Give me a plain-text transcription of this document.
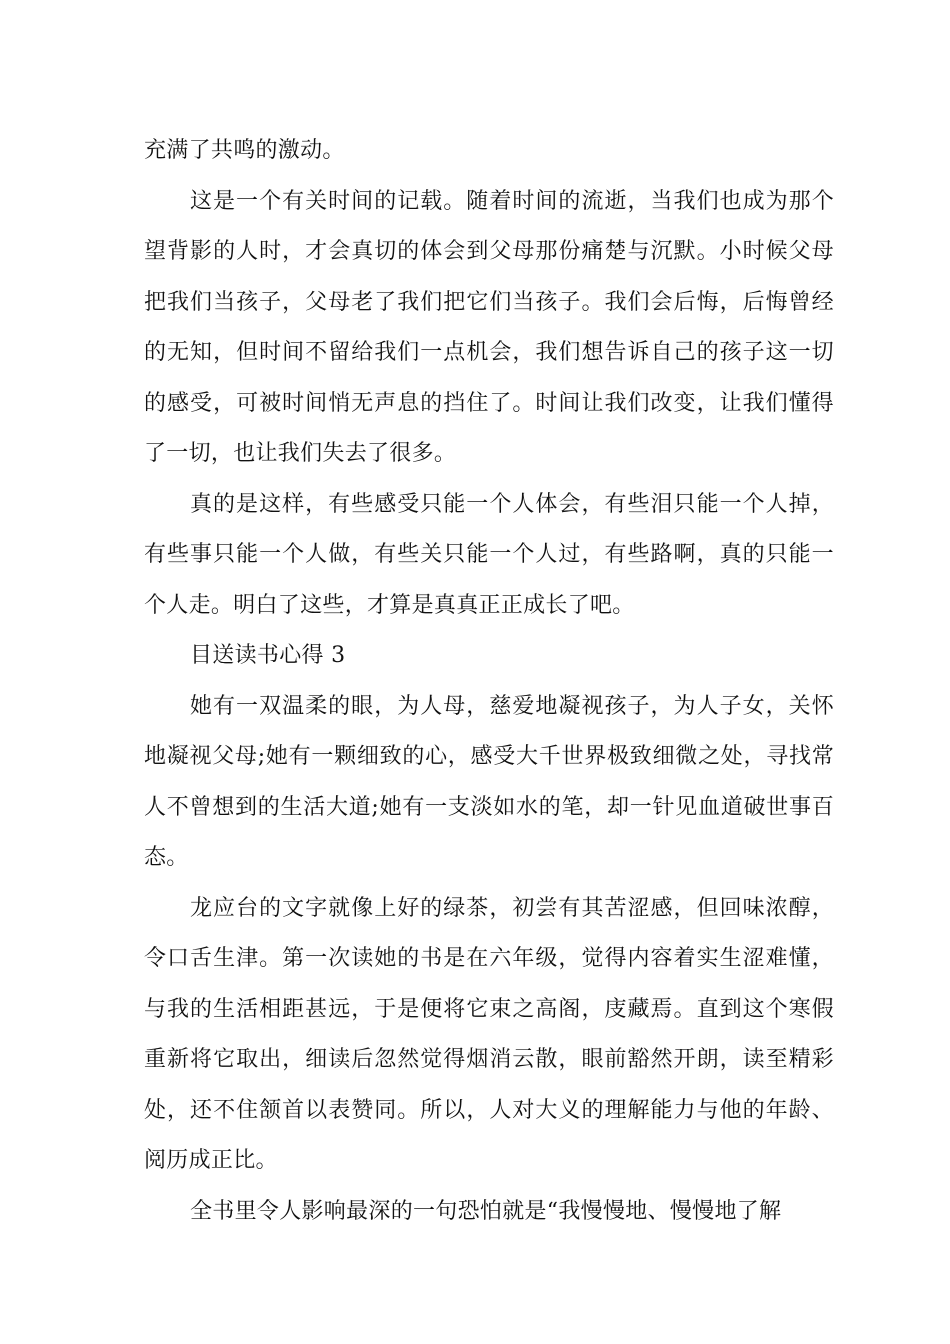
充满了共鸣的激动。

这是一个有关时间的记载。随着时间的流逝，当我们也成为那个望背影的人时，才会真切的体会到父母那份痛楚与沉默。小时候父母把我们当孩子，父母老了我们把它们当孩子。我们会后悔，后悔曾经的无知，但时间不留给我们一点机会，我们想告诉自己的孩子这一切的感受，可被时间悄无声息的挡住了。时间让我们改变，让我们懂得了一切，也让我们失去了很多。

真的是这样，有些感受只能一个人体会，有些泪只能一个人掉，有些事只能一个人做，有些关只能一个人过，有些路啊，真的只能一个人走。明白了这些，才算是真真正正成长了吧。

目送读书心得 3

她有一双温柔的眼，为人母，慈爱地凝视孩子，为人子女，关怀地凝视父母;她有一颗细致的心，感受大千世界极致细微之处，寻找常人不曾想到的生活大道;她有一支淡如水的笔，却一针见血道破世事百态。

龙应台的文字就像上好的绿茶，初尝有其苦涩感，但回味浓醇，令口舌生津。第一次读她的书是在六年级，觉得内容着实生涩难懂，与我的生活相距甚远，于是便将它束之高阁，庋藏焉。直到这个寒假重新将它取出，细读后忽然觉得烟消云散，眼前豁然开朗，读至精彩处，还不住颔首以表赞同。所以，人对大义的理解能力与他的年龄、阅历成正比。

全书里令人影响最深的一句恐怕就是“我慢慢地、慢慢地了解
